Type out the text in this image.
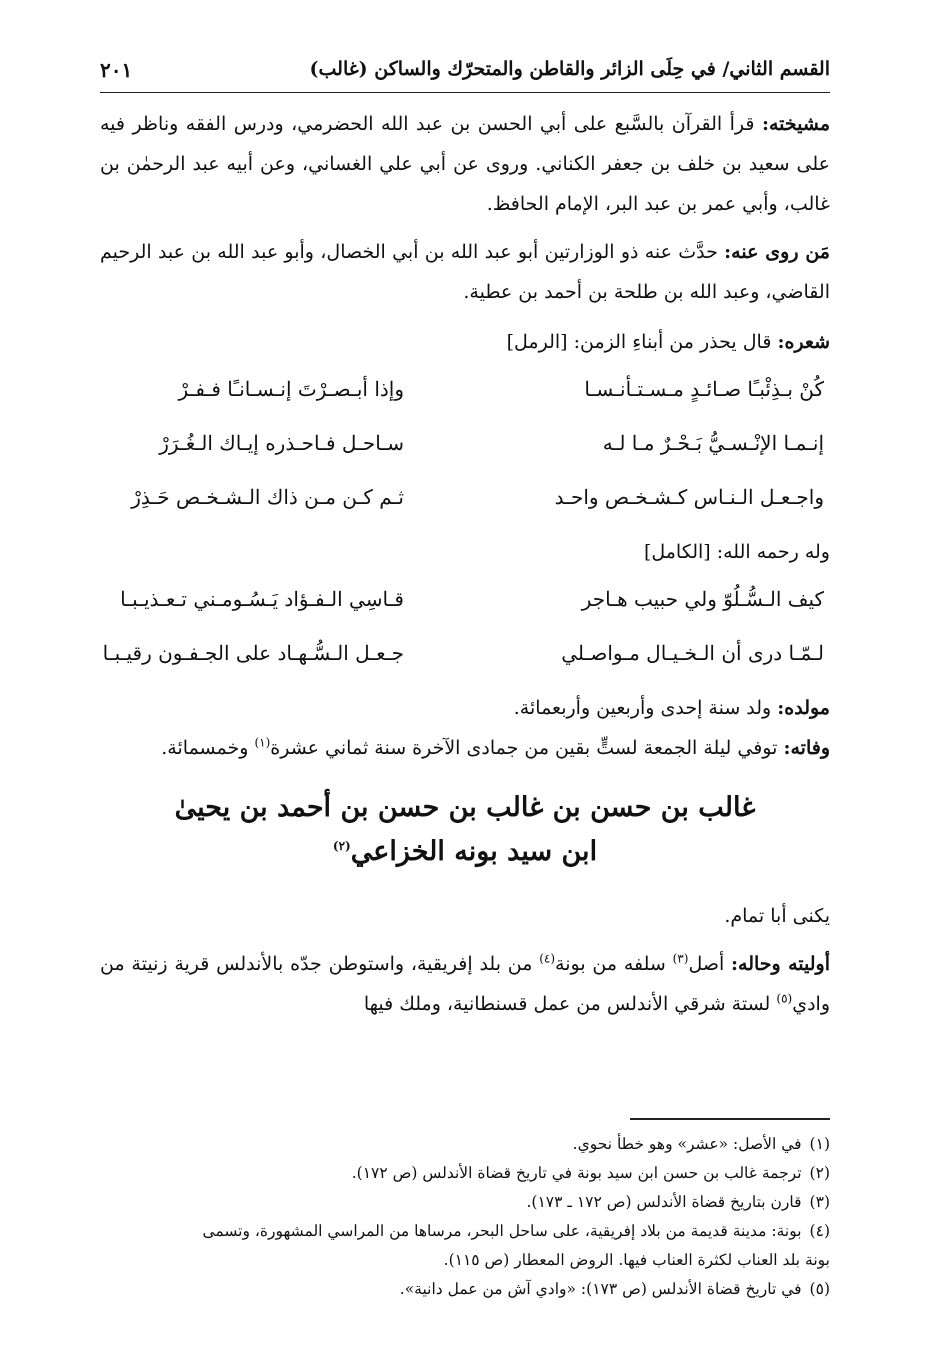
القسم الثاني/ في حِلَى الزائر والقاطن والمتحرّك والساكن (غالب)
٢٠١

مشيخته: قرأ القرآن بالسَّبع على أبي الحسن بن عبد الله الحضرمي، ودرس الفقه وناظر فيه على سعيد بن خلف بن جعفر الكناني. وروى عن أبي علي الغساني، وعن أبيه عبد الرحمٰن بن غالب، وأبي عمر بن عبد البر، الإمام الحافظ.

مَن روى عنه: حدَّث عنه ذو الوزارتين أبو عبد الله بن أبي الخصال، وأبو عبد الله بن عبد الرحيم القاضي، وعبد الله بن طلحة بن أحمد بن عطية.

شعره: قال يحذر من أبناءِ الزمن: [الرمل]

كُنْ بـذِئْبـًا صـائـدٍ مـسـتـأنـسـا
وإذا أبـصـرْتَ إنـسـانـًا فـفـرْ
إنـمـا الإنْـسـيُّ بَـحْـرٌ مـا لـه
سـاحـل فـاحـذره إيـاك الـغُـرَرْ
واجـعـل الـنـاس كـشـخـص واحـد
ثـم كـن مـن ذاك الـشـخـص حَـذِرْ

وله رحمه الله: [الكامل]

كيف الـسُّـلُوّ ولي حبيب هـاجر
قـاسِي الـفـؤاد يَـسُـومـني تـعـذيـبـا
لـمّـا درى أن الـخـيـال مـواصـلي
جـعـل الـسُّـهـاد على الجـفـون رقيـبـا

مولده: ولد سنة إحدى وأربعين وأربعمائة.

وفاته: توفي ليلة الجمعة لستٍّ بقين من جمادى الآخرة سنة ثماني عشرة$^{(١)}$ وخمسمائة.

غالب بن حسن بن غالب بن حسن بن أحمد بن يحيىٰ
ابن سيد بونه الخزاعي$^{(٢)}$

يكنى أبا تمام.

أوليته وحاله: أصل$^{(٣)}$ سلفه من بونة$^{(٤)}$ من بلد إفريقية، واستوطن جدّه بالأندلس قرية زنيتة من وادي$^{(٥)}$ لستة شرقي الأندلس من عمل قسنطانية، وملك فيها

(١)في الأصل: «عشر» وهو خطأ نحوي.
(٢)ترجمة غالب بن حسن ابن سيد بونة في تاريخ قضاة الأندلس (ص ١٧٢).
(٣)قارن بتاريخ قضاة الأندلس (ص ١٧٢ ـ ١٧٣).
(٤)بونة: مدينة قديمة من بلاد إفريقية، على ساحل البحر، مرساها من المراسي المشهورة، وتسمى
بونة بلد العناب لكثرة العناب فيها. الروض المعطار (ص ١١٥).
(٥)في تاريخ قضاة الأندلس (ص ١٧٣): «وادي آش من عمل دانية».
